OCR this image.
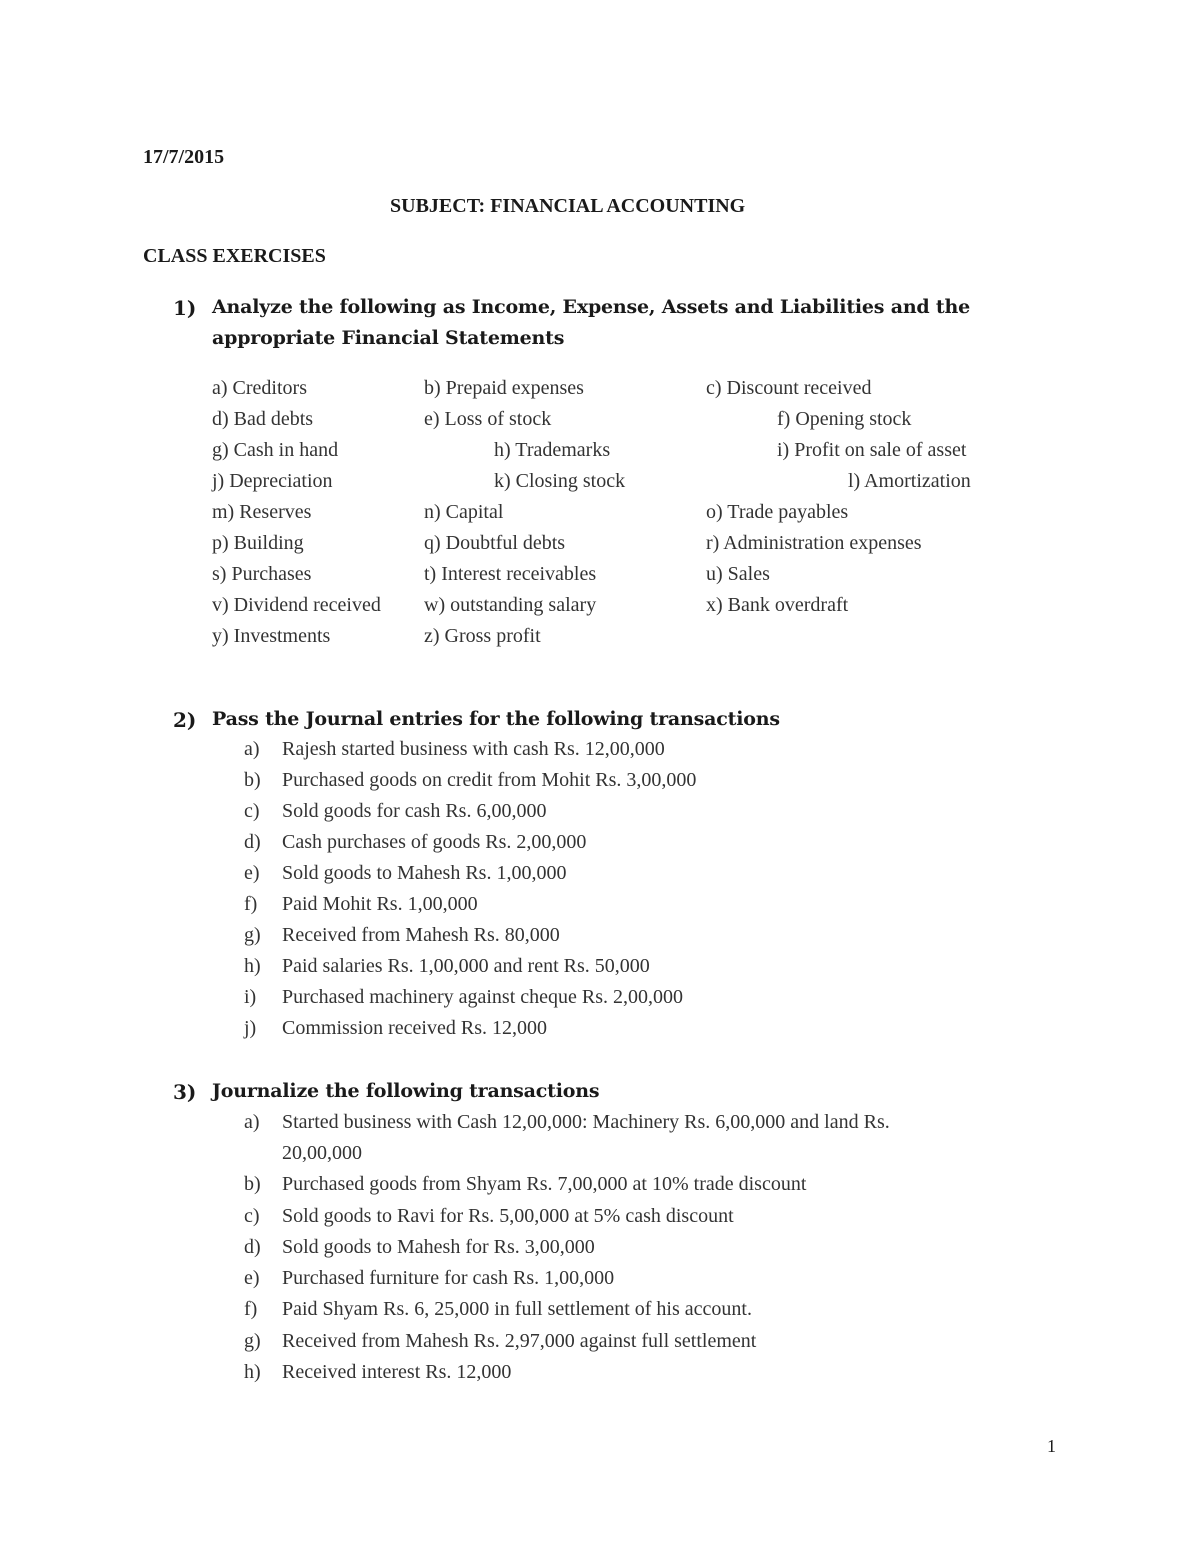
17/7/2015
SUBJECT: FINANCIAL ACCOUNTING
CLASS EXERCISES
1) Analyze the following as Income, Expense, Assets and Liabilities and the
appropriate Financial Statements
a) Creditors	b) Prepaid expenses	c) Discount received
d) Bad debts	e) Loss of stock	f) Opening stock
g) Cash in hand	h) Trademarks	i) Profit on sale of asset
j) Depreciation	k) Closing stock	l) Amortization
m) Reserves	n) Capital	o) Trade payables
p) Building	q) Doubtful debts	r) Administration expenses
s) Purchases	t) Interest receivables	u) Sales
v) Dividend received w) outstanding salary	x) Bank overdraft
y) Investments	z) Gross profit
2) Pass the Journal entries for the following transactions
a)	Rajesh started business with cash Rs. 12,00,000
b)	Purchased goods on credit from Mohit Rs. 3,00,000
c)	Sold goods for cash Rs. 6,00,000
d)	Cash purchases of goods Rs. 2,00,000
e)	Sold goods to Mahesh Rs. 1,00,000
f)	Paid Mohit Rs. 1,00,000
g)	Received from Mahesh Rs. 80,000
h)	Paid salaries Rs. 1,00,000 and rent Rs. 50,000
i)	Purchased machinery against cheque Rs. 2,00,000
j)	Commission received Rs. 12,000
3) Journalize the following transactions
a)	Started business with Cash 12,00,000: Machinery Rs. 6,00,000 and land Rs.
20,00,000
b)	Purchased goods from Shyam Rs. 7,00,000 at 10% trade discount
c)	Sold goods to Ravi for Rs. 5,00,000 at 5% cash discount
d)	Sold goods to Mahesh for Rs. 3,00,000
e)	Purchased furniture for cash Rs. 1,00,000
f)	Paid Shyam Rs. 6, 25,000 in full settlement of his account.
g)	Received from Mahesh Rs. 2,97,000 against full settlement
h)	Received interest Rs. 12,000
1
